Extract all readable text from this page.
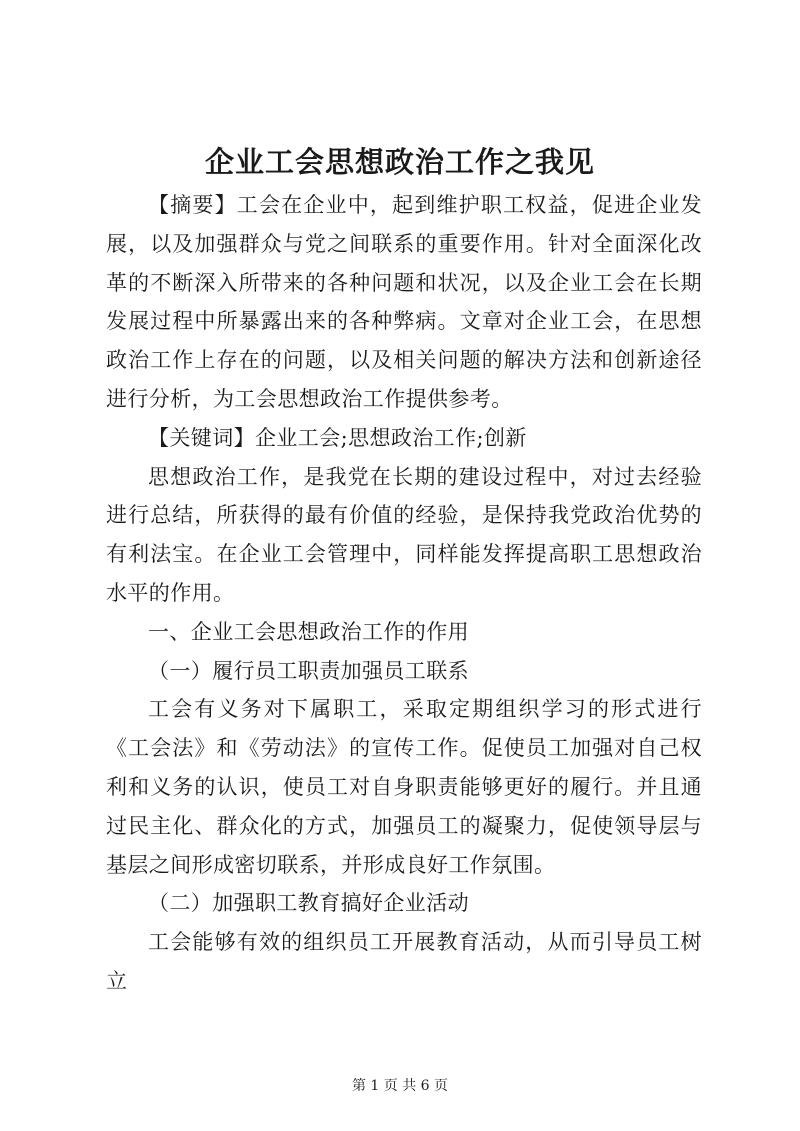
企业工会思想政治工作之我见

【摘要】工会在企业中，起到维护职工权益，促进企业发展，以及加强群众与党之间联系的重要作用。针对全面深化改革的不断深入所带来的各种问题和状况，以及企业工会在长期发展过程中所暴露出来的各种弊病。文章对企业工会，在思想政治工作上存在的问题，以及相关问题的解决方法和创新途径进行分析，为工会思想政治工作提供参考。

【关键词】企业工会;思想政治工作;创新

思想政治工作，是我党在长期的建设过程中，对过去经验进行总结，所获得的最有价值的经验，是保持我党政治优势的有利法宝。在企业工会管理中，同样能发挥提高职工思想政治水平的作用。

一、企业工会思想政治工作的作用

（一）履行员工职责加强员工联系

工会有义务对下属职工，采取定期组织学习的形式进行《工会法》和《劳动法》的宣传工作。促使员工加强对自己权利和义务的认识，使员工对自身职责能够更好的履行。并且通过民主化、群众化的方式，加强员工的凝聚力，促使领导层与基层之间形成密切联系，并形成良好工作氛围。

（二）加强职工教育搞好企业活动

工会能够有效的组织员工开展教育活动，从而引导员工树立

第 1 页 共 6 页
